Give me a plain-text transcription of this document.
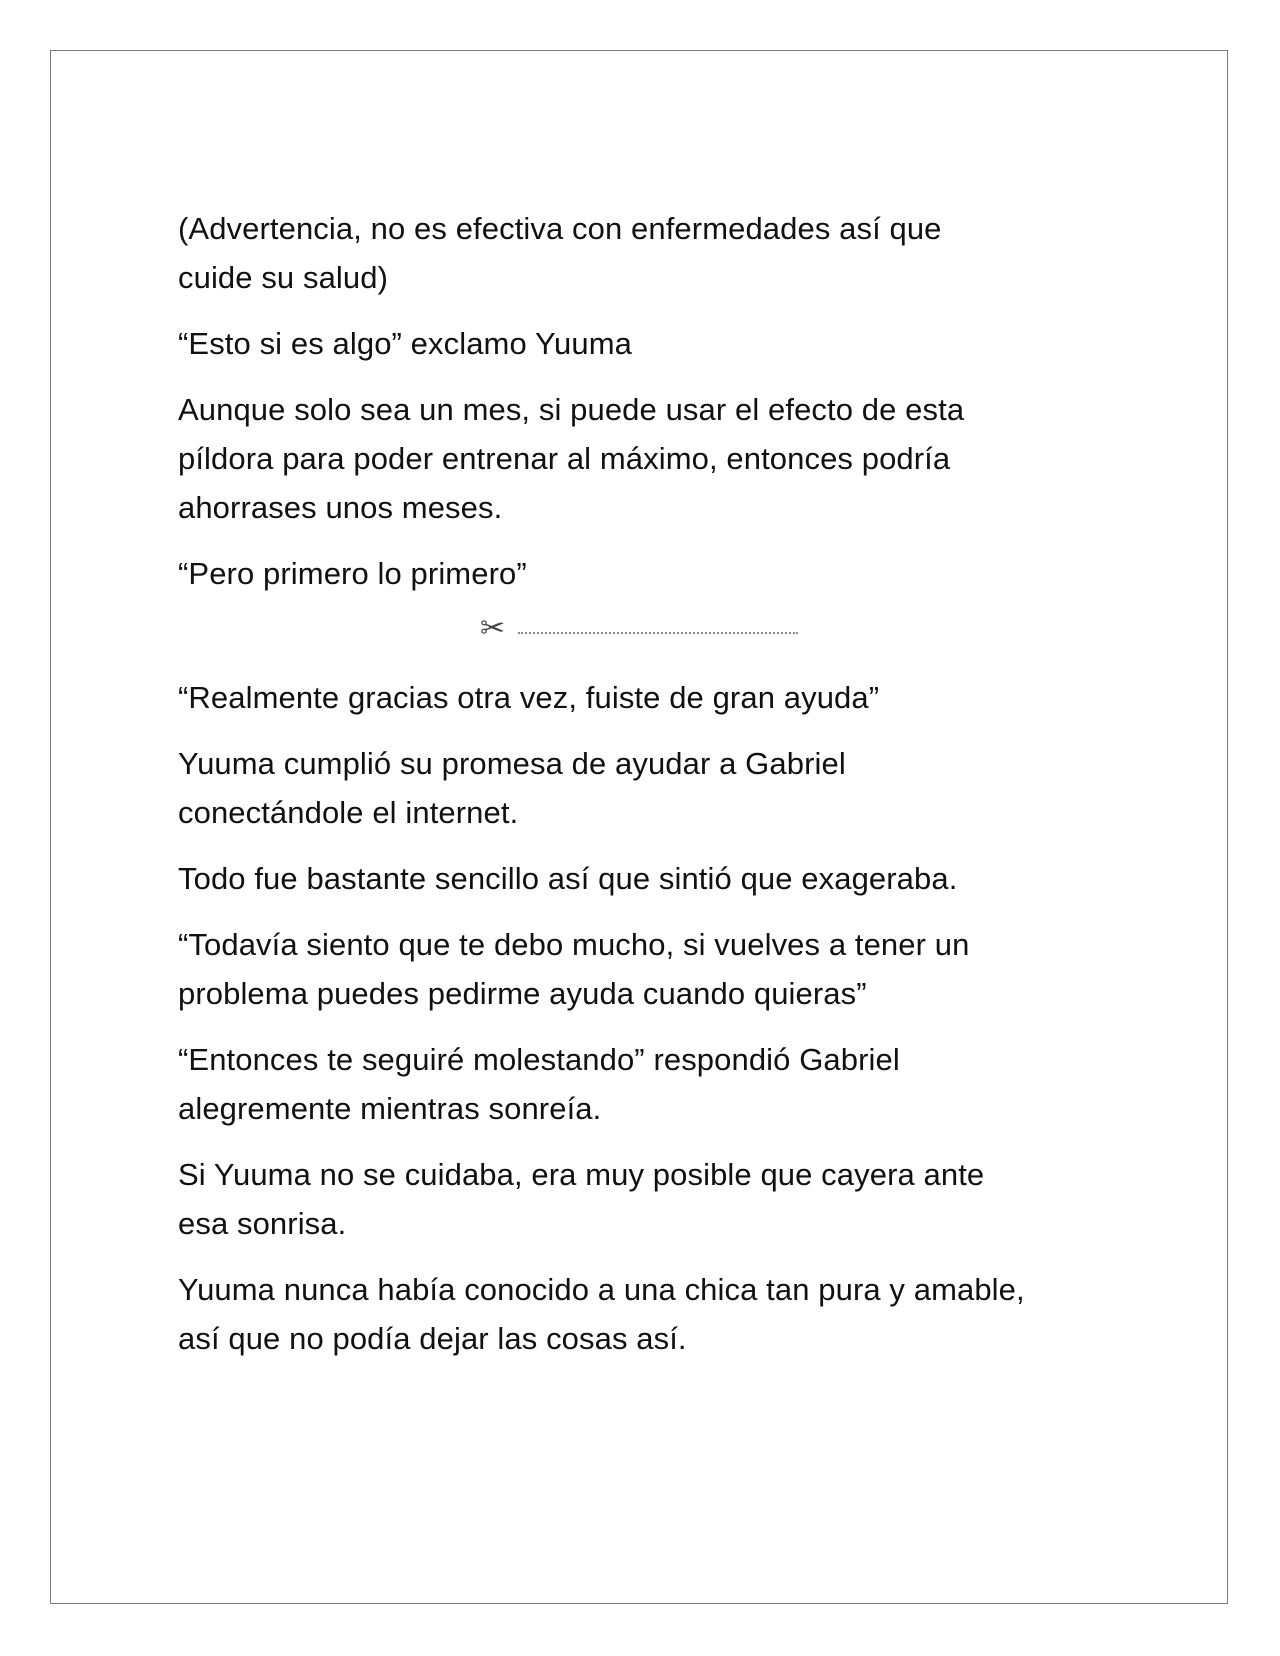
(Advertencia, no es efectiva con enfermedades así que
cuide su salud)

“Esto si es algo” exclamo Yuuma

Aunque solo sea un mes, si puede usar el efecto de esta
píldora para poder entrenar al máximo, entonces podría
ahorrases unos meses.

“Pero primero lo primero”

✂

“Realmente gracias otra vez, fuiste de gran ayuda”

Yuuma cumplió su promesa de ayudar a Gabriel
conectándole el internet.

Todo fue bastante sencillo así que sintió que exageraba.

“Todavía siento que te debo mucho, si vuelves a tener un
problema puedes pedirme ayuda cuando quieras”

“Entonces te seguiré molestando” respondió Gabriel
alegremente mientras sonreía.

Si Yuuma no se cuidaba, era muy posible que cayera ante
esa sonrisa.

Yuuma nunca había conocido a una chica tan pura y amable,
así que no podía dejar las cosas así.
